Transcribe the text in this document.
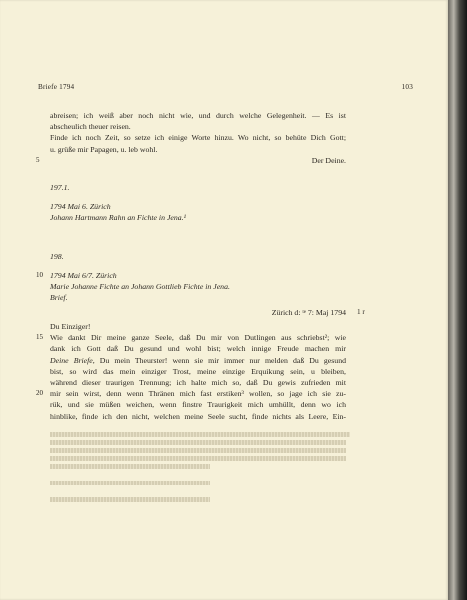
Briefe 1794	103
abreisen; ich weiß aber noch nicht wie, und durch welche Gelegenheit. — Es ist
abscheulich theuer reisen.
Finde ich noch Zeit, so setze ich einige Worte hinzu. Wo nicht, so behüte Dich Gott;
u. grüße mir Papagen, u. leb wohl.
5	Der Deine.
197.1.
1794 Mai 6. Zürich
Johann Hartmann Rahn an Fichte in Jena.¹
198.
10 1794 Mai 6/7. Zürich
Marie Johanne Fichte an Johann Gottlieb Fichte in Jena.
Brief.
Zürich d: ᵗᵉ 7: Maj 1794
Du Einziger!
15 Wie dankt Dir meine ganze Seele, daß Du mir von Dutlingen aus schriebst²; wie
dank ich Gott daß Du gesund und wohl bist; welch innige Freude machen mir
Deine Briefe, Du mein Theurster! wenn sie mir immer nur melden daß Du gesund
bist, so wird das mein einziger Trost, meine einzige Erquikung sein, u bleiben,
während dieser traurigen Trennung; ich halte mich so, daß Du gewis zufrieden mit
20 mir sein wirst, denn wenn Thränen mich fast erstiken³ wollen, so jage ich sie zu-
rük, und sie müßen weichen, wenn finstre Traurigkeit mich umhüllt, denn wo ich
hinblike, finde ich den nicht, welchen meine Seele sucht, finde nichts als Leere, Ein-
1 r
